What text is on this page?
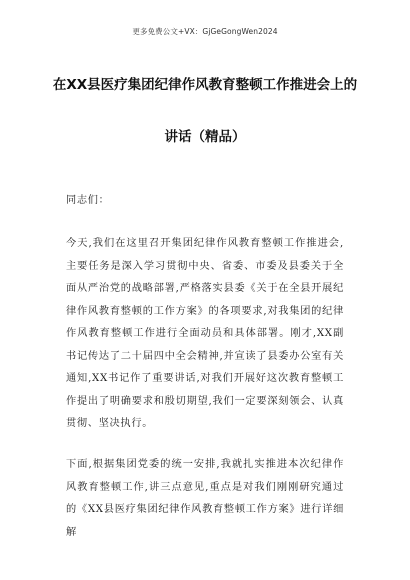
更多免费公文+VX：GjGeGongWen2024
在XX县医疗集团纪律作风教育整顿工作推进会上的
讲话（精品）
同志们：
今天,我们在这里召开集团纪律作风教育整顿工作推进会,主要任务是深入学习贯彻中央、省委、市委及县委关于全面从严治党的战略部署,严格落实县委《关于在全县开展纪律作风教育整顿的工作方案》的各项要求,对我集团的纪律作风教育整顿工作进行全面动员和具体部署。刚才,XX副书记传达了二十届四中全会精神,并宣读了县委办公室有关通知,XX书记作了重要讲话,对我们开展好这次教育整顿工作提出了明确要求和殷切期望,我们一定要深刻领会、认真贯彻、坚决执行。
下面,根据集团党委的统一安排,我就扎实推进本次纪律作风教育整顿工作,讲三点意见,重点是对我们刚刚研究通过的《XX县医疗集团纪律作风教育整顿工作方案》进行详细解
